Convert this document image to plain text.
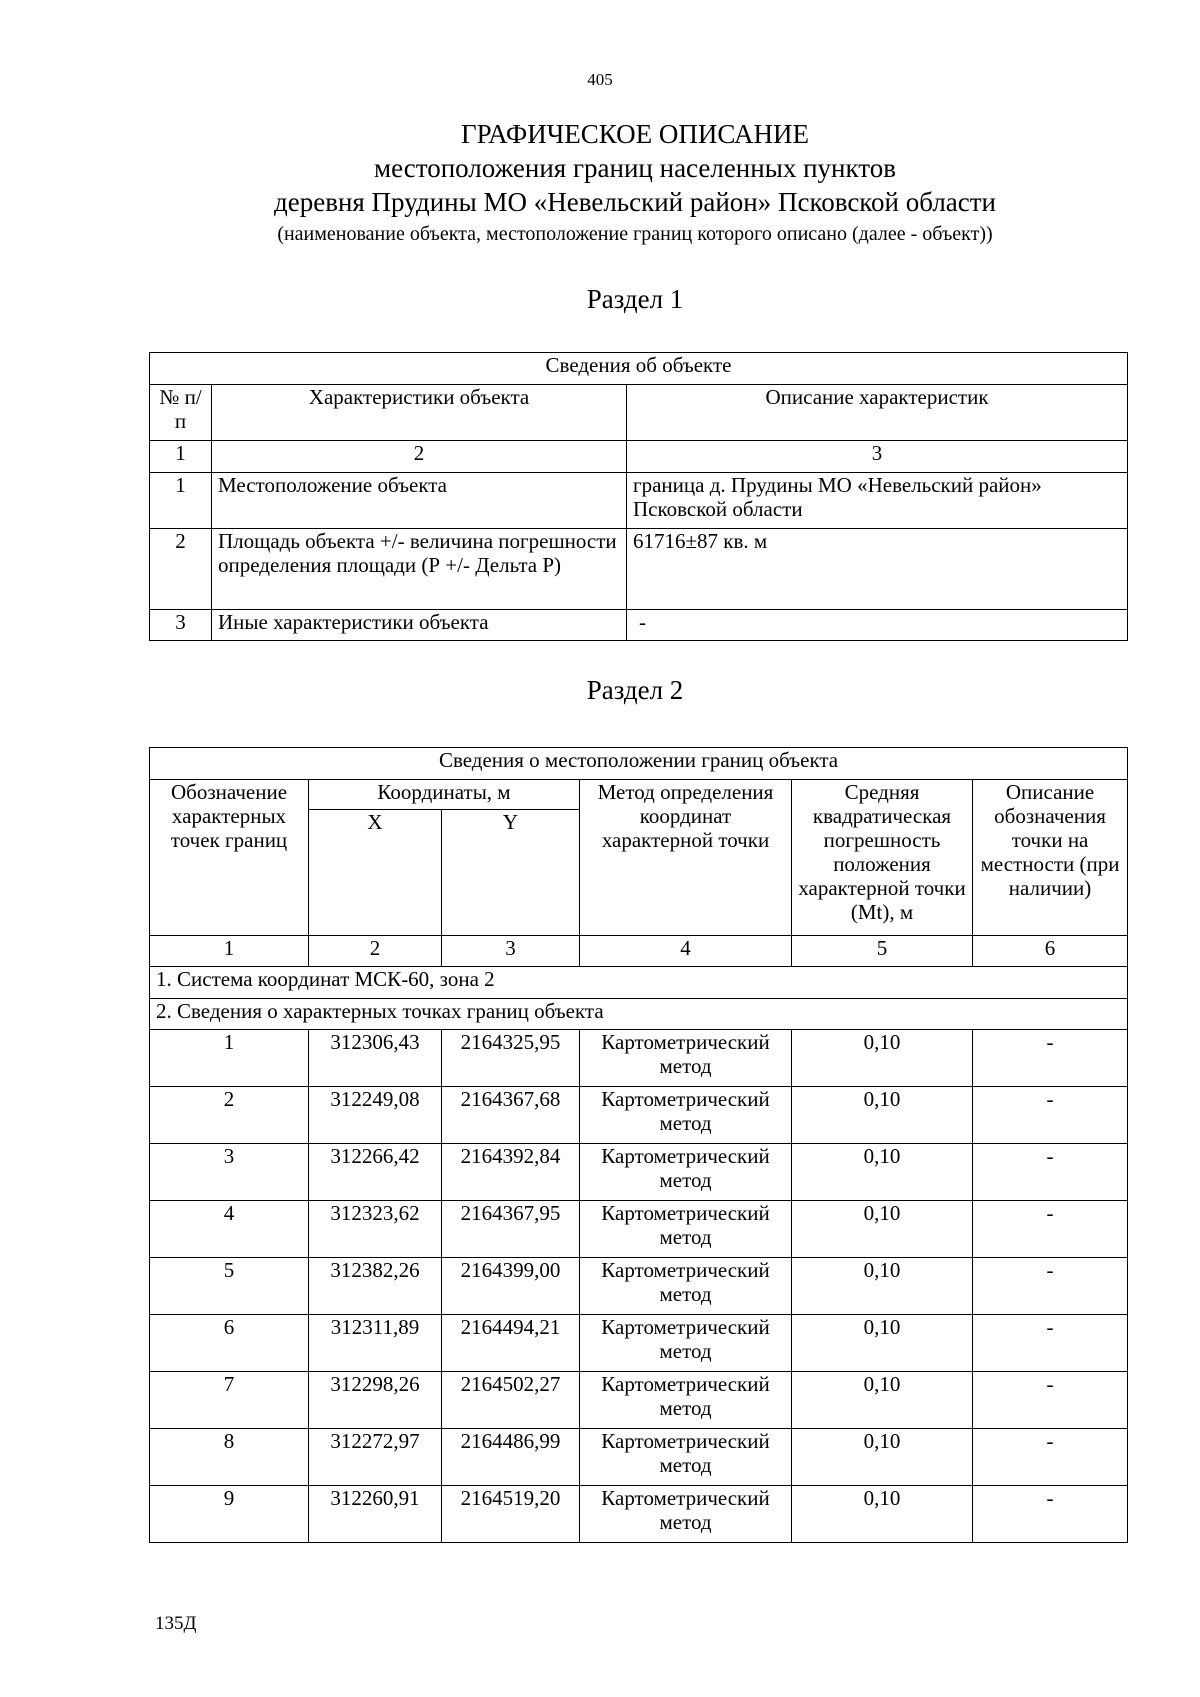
405
ГРАФИЧЕСКОЕ ОПИСАНИЕ
местоположения границ населенных пунктов
деревня Прудины МО «Невельский район» Псковской области
(наименование объекта, местоположение границ которого описано (далее - объект))
Раздел 1
Сведения об объекте		
№ п/п	Характеристики объекта	Описание характеристик
1	2	3
1	Местоположение объекта	граница д. Прудины МО «Невельский район» Псковской области
2	Площадь объекта +/- величина погрешности определения площади (Р +/- Дельта Р)	61716±87 кв. м
3	Иные характеристики объекта	-
Раздел 2
Сведения о местоположении границ объекта					
Обозначение характерных точек границ	Координаты, м		Метод определения координат характерной точки	Средняя квадратическая погрешность положения характерной точки (Mt), м	Описание обозначения точки на местности (при наличии)
	X	Y			
1	2	3	4	5	6
1. Система координат МСК-60, зона 2					
2. Сведения о характерных точках границ объекта					
1	312306,43	2164325,95	Картометрический метод	0,10	-
2	312249,08	2164367,68	Картометрический метод	0,10	-
3	312266,42	2164392,84	Картометрический метод	0,10	-
4	312323,62	2164367,95	Картометрический метод	0,10	-
5	312382,26	2164399,00	Картометрический метод	0,10	-
6	312311,89	2164494,21	Картометрический метод	0,10	-
7	312298,26	2164502,27	Картометрический метод	0,10	-
8	312272,97	2164486,99	Картометрический метод	0,10	-
9	312260,91	2164519,20	Картометрический метод	0,10	-
135Д
